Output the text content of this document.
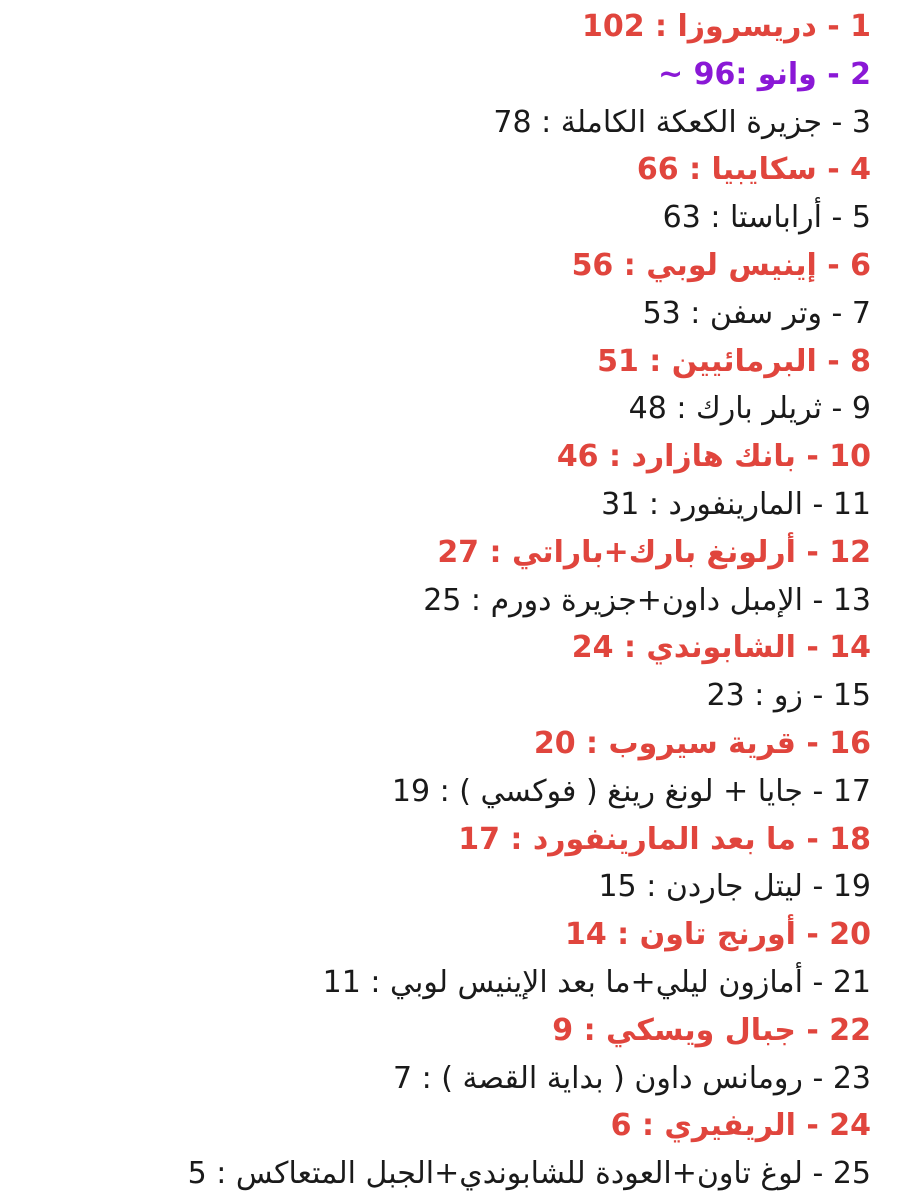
1 - دريسروزا : 102
2 - وانو :96 ~
3 - جزيرة الكعكة الكاملة : 78
4 - سكايبيا : 66
5 - أراباستا : 63
6 - إينيس لوبي : 56
7 - وتر سفن : 53
8 - البرمائيين : 51
9 - ثريلر بارك : 48
10 - بانك هازارد : 46
11 - المارينفورد : 31
12 - أرلونغ بارك+باراتي : 27
13 - الإمبل داون+جزيرة دورم : 25
14 - الشابوندي : 24
15 - زو : 23
16 - قرية سيروب : 20
17 - جايا + لونغ رينغ ( فوكسي ) : 19
18 - ما بعد المارينفورد : 17
19 - ليتل جاردن : 15
20 - أورنج تاون : 14
21 - أمازون ليلي+ما بعد الإينيس لوبي : 11
22 - جبال ويسكي : 9
23 - رومانس داون ( بداية القصة ) : 7
24 - الريفيري : 6
25 - لوغ تاون+العودة للشابوندي+الجبل المتعاكس : 5
